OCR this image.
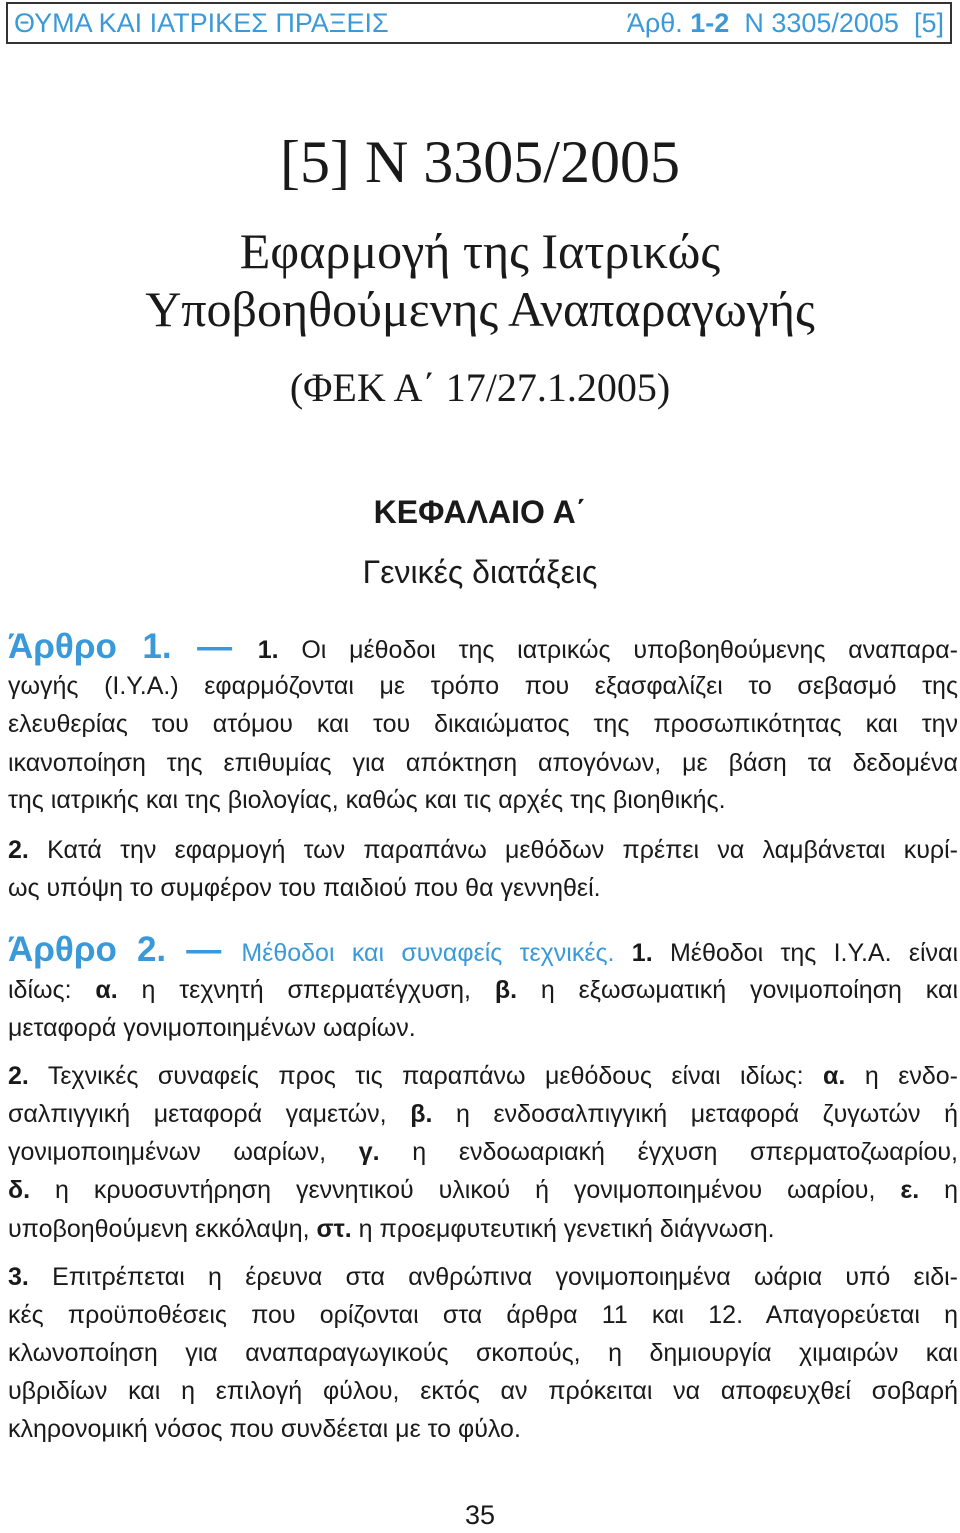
ΘΥΜΑ ΚΑΙ ΙΑΤΡΙΚΕΣ ΠΡΑΞΕΙΣ	Άρθ. 1-2 Ν 3305/2005 [5]
[5] Ν 3305/2005
Εφαρμογή της Ιατρικώς
Υποβοηθούμενης Αναπαραγωγής
(ΦΕΚ Α΄ 17/27.1.2005)
ΚΕΦΑΛΑΙΟ Α΄
Γενικές διατάξεις
Άρθρο 1. — 1. Οι μέθοδοι της ιατρικώς υποβοηθούμενης αναπαρα-
γωγής (Ι.Υ.Α.) εφαρμόζονται με τρόπο που εξασφαλίζει το σεβασμό της
ελευθερίας του ατόμου και του δικαιώματος της προσωπικότητας και την
ικανοποίηση της επιθυμίας για απόκτηση απογόνων, με βάση τα δεδομένα
της ιατρικής και της βιολογίας, καθώς και τις αρχές της βιοηθικής.
2. Κατά την εφαρμογή των παραπάνω μεθόδων πρέπει να λαμβάνεται κυρί-
ως υπόψη το συμφέρον του παιδιού που θα γεννηθεί.
Άρθρο 2. — Μέθοδοι και συναφείς τεχνικές. 1. Μέθοδοι της Ι.Υ.Α. είναι
ιδίως: α. η τεχνητή σπερματέγχυση, β. η εξωσωματική γονιμοποίηση και
μεταφορά γονιμοποιημένων ωαρίων.
2. Τεχνικές συναφείς προς τις παραπάνω μεθόδους είναι ιδίως: α. η ενδο-
σαλπιγγική μεταφορά γαμετών, β. η ενδοσαλπιγγική μεταφορά ζυγωτών ή
γονιμοποιημένων ωαρίων, γ. η ενδοωαριακή έγχυση σπερματοζωαρίου,
δ. η κρυοσυντήρηση γεννητικού υλικού ή γονιμοποιημένου ωαρίου, ε. η
υποβοηθούμενη εκκόλαψη, στ. η προεμφυτευτική γενετική διάγνωση.
3. Επιτρέπεται η έρευνα στα ανθρώπινα γονιμοποιημένα ωάρια υπό ειδι-
κές προϋποθέσεις που ορίζονται στα άρθρα 11 και 12. Απαγορεύεται η
κλωνοποίηση για αναπαραγωγικούς σκοπούς, η δημιουργία χιμαιρών και
υβριδίων και η επιλογή φύλου, εκτός αν πρόκειται να αποφευχθεί σοβαρή
κληρονομική νόσος που συνδέεται με το φύλο.
35
